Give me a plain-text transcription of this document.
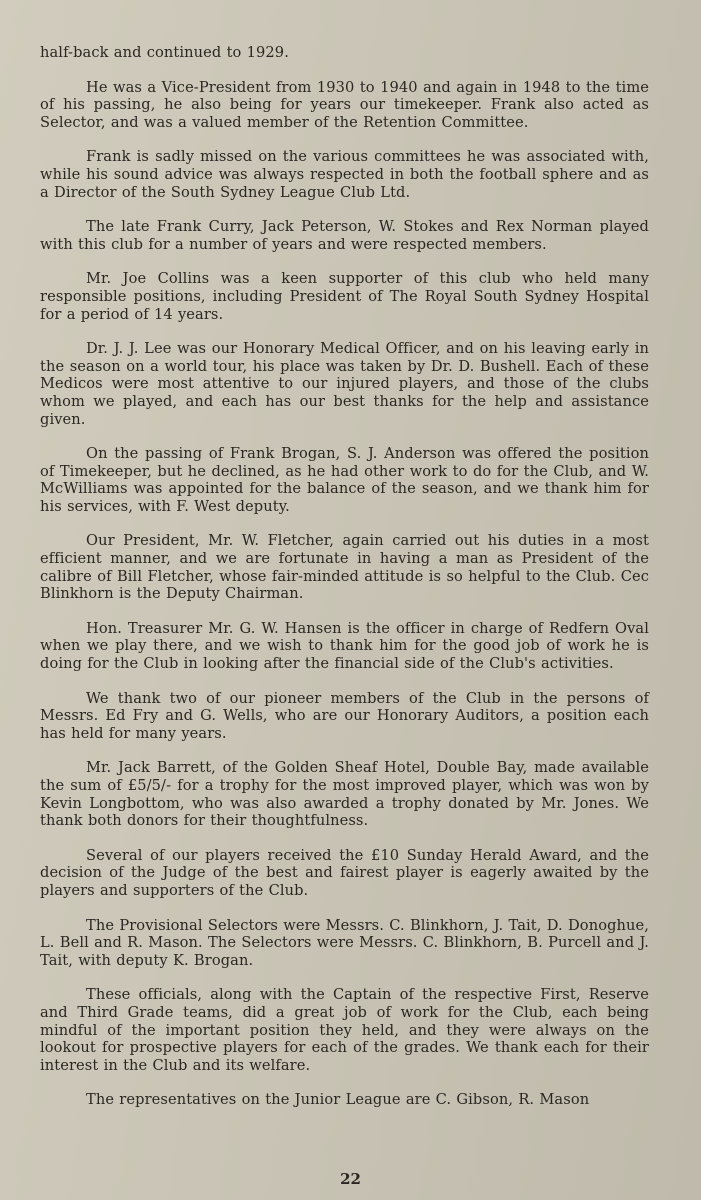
half-back and continued to 1929.

He was a Vice-President from 1930 to 1940 and again in 1948 to the time of his passing, he also being for years our timekeeper. Frank also acted as Selector, and was a valued member of the Retention Committee.

Frank is sadly missed on the various committees he was associated with, while his sound advice was always respected in both the football sphere and as a Director of the South Sydney League Club Ltd.

The late Frank Curry, Jack Peterson, W. Stokes and Rex Norman played with this club for a number of years and were respected members.

Mr. Joe Collins was a keen supporter of this club who held many responsible positions, including President of The Royal South Sydney Hospital for a period of 14 years.

Dr. J. J. Lee was our Honorary Medical Officer, and on his leaving early in the season on a world tour, his place was taken by Dr. D. Bushell. Each of these Medicos were most attentive to our injured players, and those of the clubs whom we played, and each has our best thanks for the help and assistance given.

On the passing of Frank Brogan, S. J. Anderson was offered the position of Timekeeper, but he declined, as he had other work to do for the Club, and W. McWilliams was appointed for the balance of the season, and we thank him for his services, with F. West deputy.

Our President, Mr. W. Fletcher, again carried out his duties in a most efficient manner, and we are fortunate in having a man as President of the calibre of Bill Fletcher, whose fair-minded attitude is so helpful to the Club. Cec Blinkhorn is the Deputy Chairman.

Hon. Treasurer Mr. G. W. Hansen is the officer in charge of Redfern Oval when we play there, and we wish to thank him for the good job of work he is doing for the Club in looking after the financial side of the Club's activities.

We thank two of our pioneer members of the Club in the persons of Messrs. Ed Fry and G. Wells, who are our Honorary Auditors, a position each has held for many years.

Mr. Jack Barrett, of the Golden Sheaf Hotel, Double Bay, made available the sum of £5/5/- for a trophy for the most improved player, which was won by Kevin Longbottom, who was also awarded a trophy donated by Mr. Jones. We thank both donors for their thoughtfulness.

Several of our players received the £10 Sunday Herald Award, and the decision of the Judge of the best and fairest player is eagerly awaited by the players and supporters of the Club.

The Provisional Selectors were Messrs. C. Blinkhorn, J. Tait, D. Donoghue, L. Bell and R. Mason. The Selectors were Messrs. C. Blinkhorn, B. Purcell and J. Tait, with deputy K. Brogan.

These officials, along with the Captain of the respective First, Reserve and Third Grade teams, did a great job of work for the Club, each being mindful of the important position they held, and they were always on the lookout for prospective players for each of the grades. We thank each for their interest in the Club and its welfare.

The representatives on the Junior League are C. Gibson, R. Mason

22
